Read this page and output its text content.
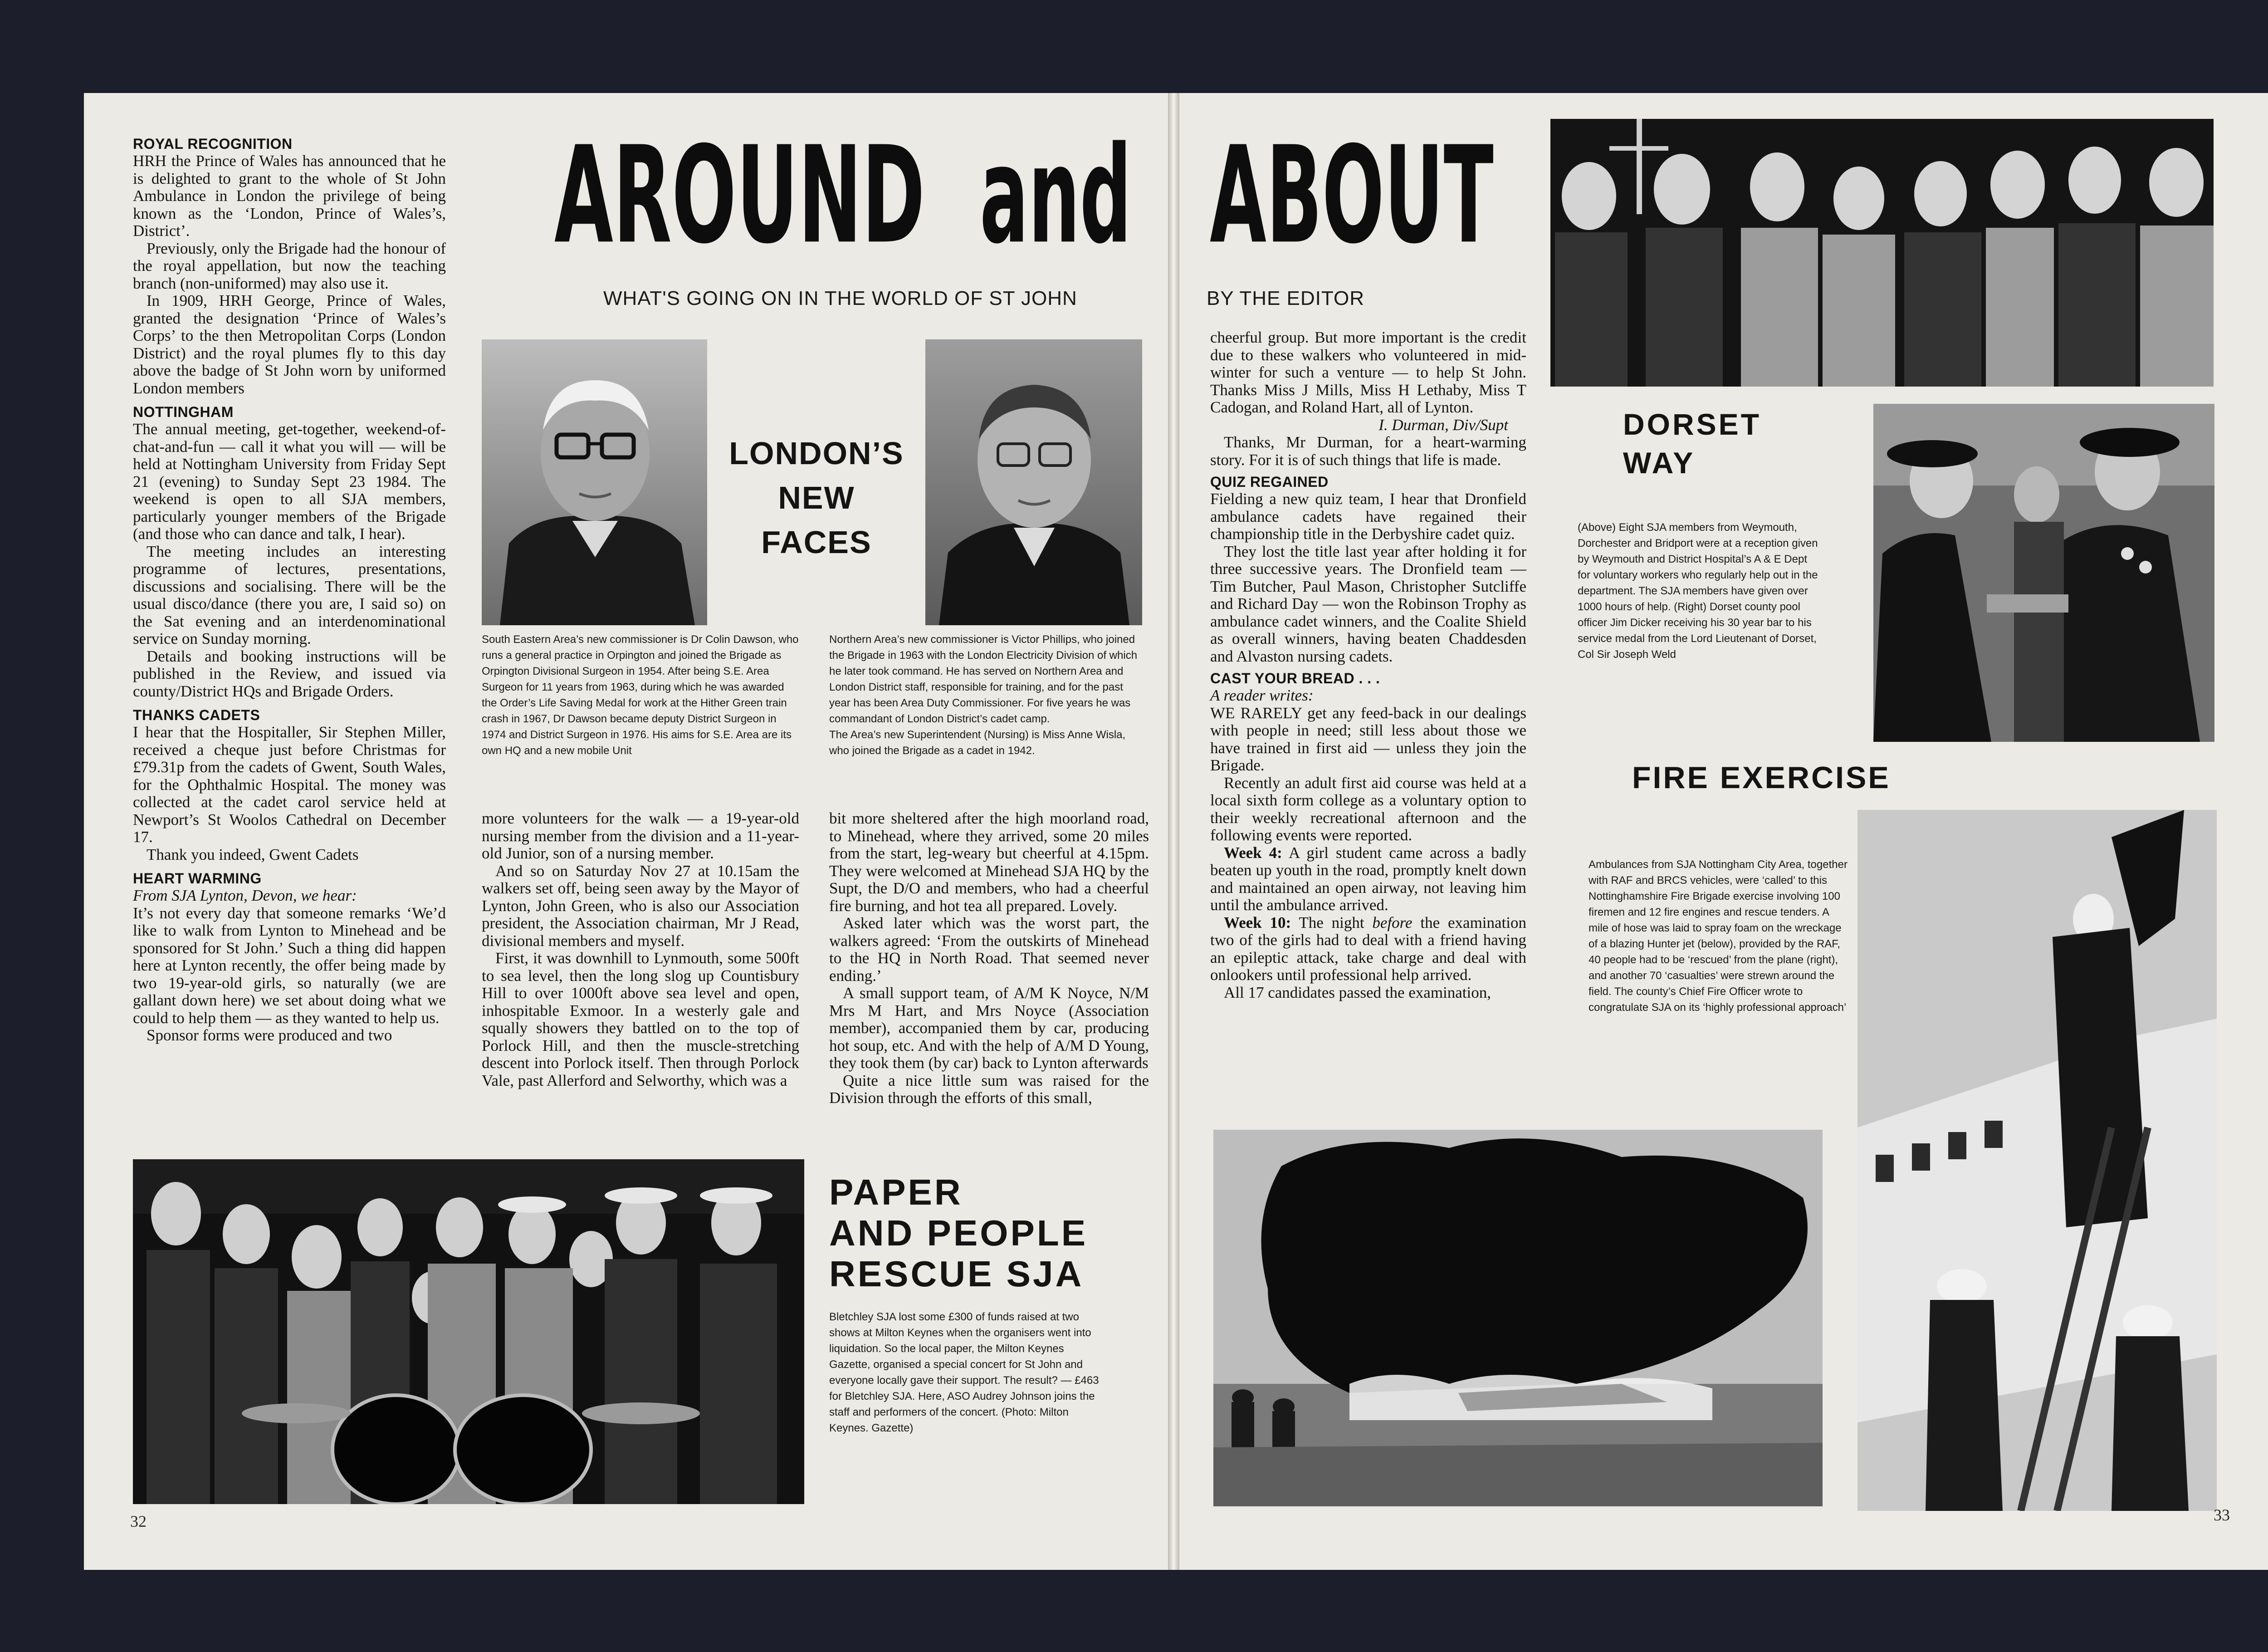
AROUND and ABOUT
WHAT'S GOING ON IN THE WORLD OF ST JOHN	BY THE EDITOR
ROYAL RECOGNITION

HRH the Prince of Wales has announced that he is delighted to grant to the whole of St John Ambulance in London the privilege of being known as the ‘London, Prince of Wales’s, District’.

Previously, only the Brigade had the honour of the royal appellation, but now the teaching branch (non-uniformed) may also use it.

In 1909, HRH George, Prince of Wales, granted the designation ‘Prince of Wales’s Corps’ to the then Metropolitan Corps (London District) and the royal plumes fly to this day above the badge of St John worn by uniformed London members

NOTTINGHAM

The annual meeting, get-together, weekend-of-chat-and-fun — call it what you will — will be held at Nottingham University from Friday Sept 21 (evening) to Sunday Sept 23 1984. The weekend is open to all SJA members, particularly younger members of the Brigade (and those who can dance and talk, I hear).

The meeting includes an interesting programme of lectures, presentations, discussions and socialising. There will be the usual disco/dance (there you are, I said so) on the Sat evening and an interdenominational service on Sunday morning.

Details and booking instructions will be published in the Review, and issued via county/District HQs and Brigade Orders.

THANKS CADETS

I hear that the Hospitaller, Sir Stephen Miller, received a cheque just before Christmas for £79.31p from the cadets of Gwent, South Wales, for the Ophthalmic Hospital. The money was collected at the cadet carol service held at Newport’s St Woolos Cathedral on December 17.

Thank you indeed, Gwent Cadets

HEART WARMING

From SJA Lynton, Devon, we hear:

It’s not every day that someone remarks ‘We’d like to walk from Lynton to Minehead and be sponsored for St John.’ Such a thing did happen here at Lynton recently, the offer being made by two 19-year-old girls, so naturally (we are gallant down here) we set about doing what we could to help them — as they wanted to help us.

Sponsor forms were produced and two

LONDON’S
NEW
FACES

South Eastern Area’s new commissioner is Dr Colin Dawson, who runs a general practice in Orpington and joined the Brigade as Orpington Divisional Surgeon in 1954. After being S.E. Area Surgeon for 11 years from 1963, during which he was awarded the Order’s Life Saving Medal for work at the Hither Green train crash in 1967, Dr Dawson became deputy District Surgeon in 1974 and District Surgeon in 1976. His aims for S.E. Area are its own HQ and a new mobile Unit

Northern Area’s new commissioner is Victor Phillips, who joined the Brigade in 1963 with the London Electricity Division of which he later took command. He has served on Northern Area and London District staff, responsible for training, and for the past year has been Area Duty Commissioner. For five years he was commandant of London District’s cadet camp.

The Area’s new Superintendent (Nursing) is Miss Anne Wisla, who joined the Brigade as a cadet in 1942.

more volunteers for the walk — a 19-year-old nursing member from the division and a 11-year-old Junior, son of a nursing member.

And so on Saturday Nov 27 at 10.15am the walkers set off, being seen away by the Mayor of Lynton, John Green, who is also our Association president, the Association chairman, Mr J Read, divisional members and myself.

First, it was downhill to Lynmouth, some 500ft to sea level, then the long slog up Countisbury Hill to over 1000ft above sea level and open, inhospitable Exmoor. In a westerly gale and squally showers they battled on to the top of Porlock Hill, and then the muscle-stretching descent into Porlock itself. Then through Porlock Vale, past Allerford and Selworthy, which was a

bit more sheltered after the high moorland road, to Minehead, where they arrived, some 20 miles from the start, leg-weary but cheerful at 4.15pm. They were welcomed at Minehead SJA HQ by the Supt, the D/O and members, who had a cheerful fire burning, and hot tea all prepared. Lovely.

Asked later which was the worst part, the walkers agreed: ‘From the outskirts of Minehead to the HQ in North Road. That seemed never ending.’

A small support team, of A/M K Noyce, N/M Mrs M Hart, and Mrs Noyce (Association member), accompanied them by car, producing hot soup, etc. And with the help of A/M D Young, they took them (by car) back to Lynton afterwards

Quite a nice little sum was raised for the Division through the efforts of this small,

PAPER
AND PEOPLE
RESCUE SJA

Bletchley SJA lost some £300 of funds raised at two shows at Milton Keynes when the organisers went into liquidation. So the local paper, the Milton Keynes Gazette, organised a special concert for St John and everyone locally gave their support. The result? — £463 for Bletchley SJA. Here, ASO Audrey Johnson joins the staff and performers of the concert. (Photo: Milton Keynes. Gazette)

cheerful group. But more important is the credit due to these walkers who volunteered in mid-winter for such a venture — to help St John. Thanks Miss J Mills, Miss H Lethaby, Miss T Cadogan, and Roland Hart, all of Lynton.

I. Durman, Div/Supt

Thanks, Mr Durman, for a heart-warming story. For it is of such things that life is made.

QUIZ REGAINED

Fielding a new quiz team, I hear that Dronfield ambulance cadets have regained their championship title in the Derbyshire cadet quiz.

They lost the title last year after holding it for three successive years. The Dronfield team — Tim Butcher, Paul Mason, Christopher Sutcliffe and Richard Day — won the Robinson Trophy as ambulance cadet winners, and the Coalite Shield as overall winners, having beaten Chaddesden and Alvaston nursing cadets.

CAST YOUR BREAD . . .

A reader writes:

WE RARELY get any feed-back in our dealings with people in need; still less about those we have trained in first aid — unless they join the Brigade.

Recently an adult first aid course was held at a local sixth form college as a voluntary option to their weekly recreational afternoon and the following events were reported.

Week 4: A girl student came across a badly beaten up youth in the road, promptly knelt down and maintained an open airway, not leaving him until the ambulance arrived.

Week 10: The night before the examination two of the girls had to deal with a friend having an epileptic attack, take charge and deal with onlookers until professional help arrived.

All 17 candidates passed the examination,

DORSET
WAY

(Above) Eight SJA members from Weymouth, Dorchester and Bridport were at a reception given by Weymouth and District Hospital’s A & E Dept for voluntary workers who regularly help out in the department. The SJA members have given over 1000 hours of help. (Right) Dorset county pool officer Jim Dicker receiving his 30 year bar to his service medal from the Lord Lieutenant of Dorset, Col Sir Joseph Weld

FIRE EXERCISE

Ambulances from SJA Nottingham City Area, together with RAF and BRCS vehicles, were ‘called’ to this Nottinghamshire Fire Brigade exercise involving 100 firemen and 12 fire engines and rescue tenders. A mile of hose was laid to spray foam on the wreckage of a blazing Hunter jet (below), provided by the RAF, 40 people had to be ‘rescued’ from the plane (right), and another 70 ‘casualties’ were strewn around the field. The county’s Chief Fire Officer wrote to congratulate SJA on its ‘highly professional approach’

32	33
